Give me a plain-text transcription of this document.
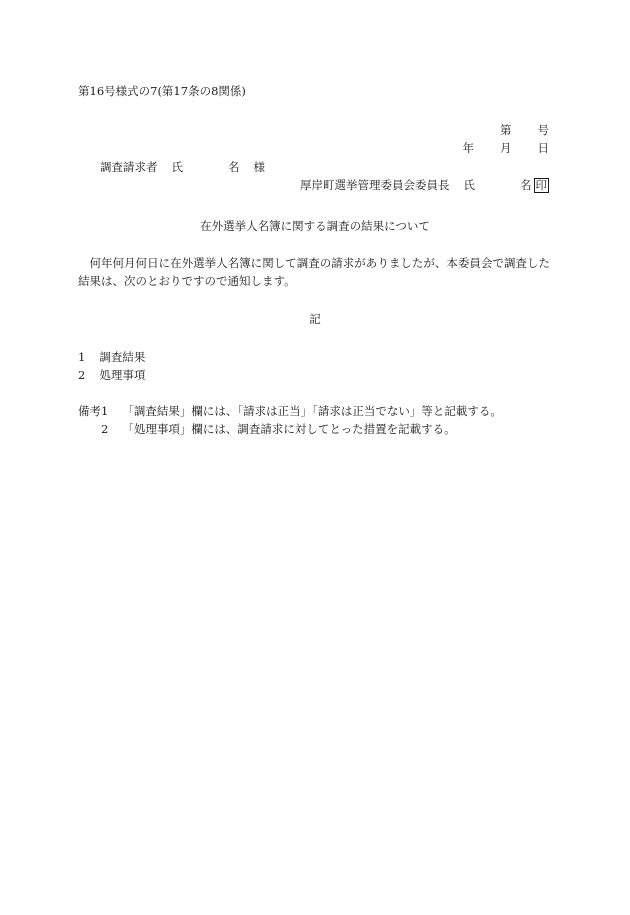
第16号様式の7(第17条の8関係)
第 号
年 月 日
調査請求者 氏	名 様
厚岸町選挙管理委員会委員長 氏	名 印
在外選挙人名簿に関する調査の結果について
何年何月何日に在外選挙人名簿に関して調査の請求がありましたが、本委員会で調査した結果は、次のとおりですので通知します。
記
1 調査結果
2 処理事項
備考1 「調査結果」欄には、「請求は正当」「請求は正当でない」等と記載する。
2 「処理事項」欄には、調査請求に対してとった措置を記載する。
